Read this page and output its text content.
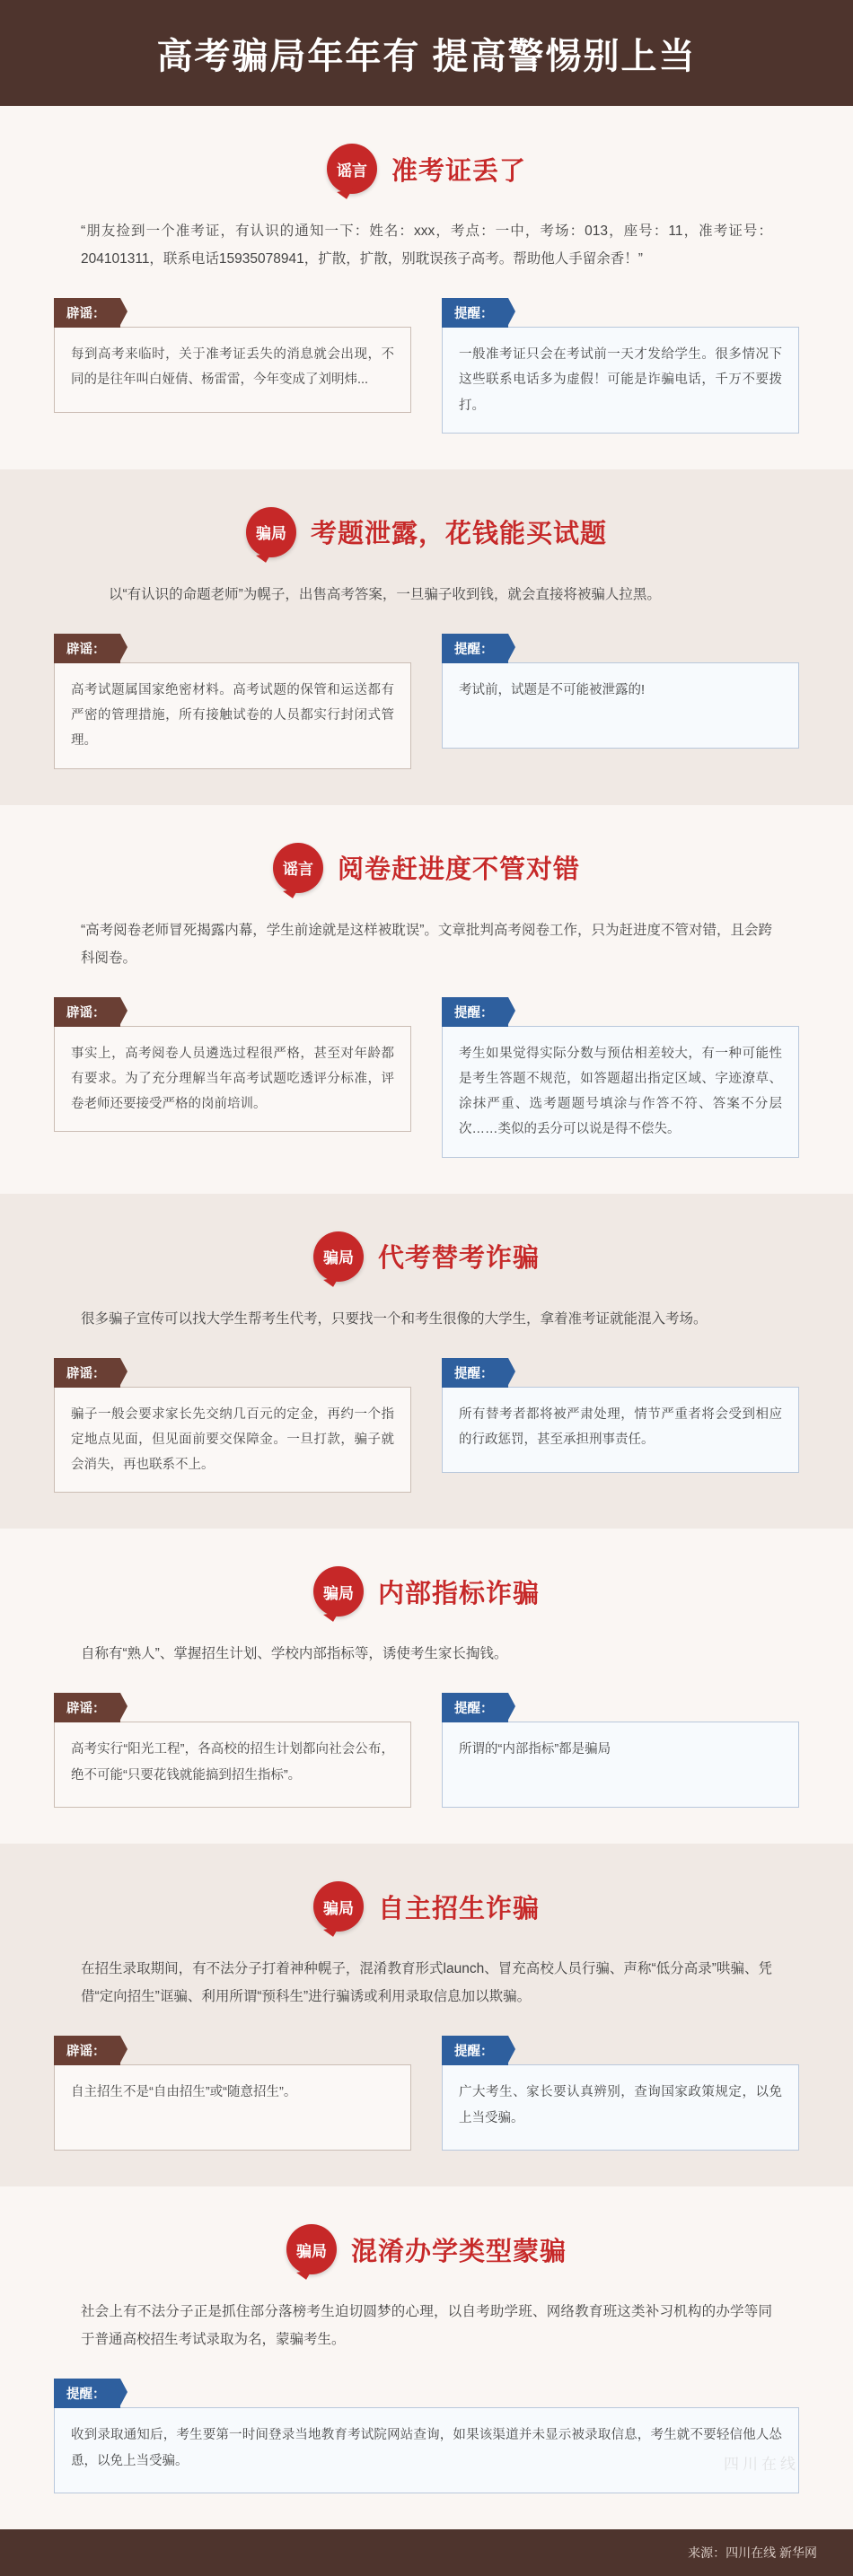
高考骗局年年有 提高警惕别上当
谣言 准考证丢了
“朋友捡到一个准考证，有认识的通知一下：姓名：xxx，考点：一中，考场：013，座号：11，准考证号：204101311，联系电话15935078941，扩散，扩散，别耽误孩子高考。帮助他人手留余香！”
辟谣：
每到高考来临时，关于准考证丢失的消息就会出现，不同的是往年叫白娅倩、杨雷雷，今年变成了刘明炜...
提醒：
一般准考证只会在考试前一天才发给学生。很多情况下这些联系电话多为虚假！可能是诈骗电话，千万不要拨打。
骗局 考题泄露，花钱能买试题
以“有认识的命题老师”为幌子，出售高考答案，一旦骗子收到钱，就会直接将被骗人拉黑。
辟谣：
高考试题属国家绝密材料。高考试题的保管和运送都有严密的管理措施，所有接触试卷的人员都实行封闭式管理。
提醒：
考试前，试题是不可能被泄露的!
谣言 阅卷赶进度不管对错
“高考阅卷老师冒死揭露内幕，学生前途就是这样被耽误”。文章批判高考阅卷工作，只为赶进度不管对错，且会跨科阅卷。
辟谣：
事实上，高考阅卷人员遴选过程很严格，甚至对年龄都有要求。为了充分理解当年高考试题吃透评分标准，评卷老师还要接受严格的岗前培训。
提醒：
考生如果觉得实际分数与预估相差较大，有一种可能性是考生答题不规范，如答题超出指定区域、字迹潦草、涂抹严重、选考题题号填涂与作答不符、答案不分层次……类似的丢分可以说是得不偿失。
骗局 代考替考诈骗
很多骗子宣传可以找大学生帮考生代考，只要找一个和考生很像的大学生，拿着准考证就能混入考场。
辟谣：
骗子一般会要求家长先交纳几百元的定金，再约一个指定地点见面，但见面前要交保障金。一旦打款，骗子就会消失，再也联系不上。
提醒：
所有替考者都将被严肃处理，情节严重者将会受到相应的行政惩罚，甚至承担刑事责任。
骗局 内部指标诈骗
自称有“熟人”、掌握招生计划、学校内部指标等，诱使考生家长掏钱。
辟谣：
高考实行“阳光工程”，各高校的招生计划都向社会公布，绝不可能“只要花钱就能搞到招生指标”。
提醒：
所谓的“内部指标”都是骗局
骗局 自主招生诈骗
在招生录取期间，有不法分子打着神种幌子，混淆教育形式launch、冒充高校人员行骗、声称“低分高录”哄骗、凭借“定向招生”诓骗、利用所谓“预科生”进行骗诱或利用录取信息加以欺骗。
辟谣：
自主招生不是“自由招生”或“随意招生”。
提醒：
广大考生、家长要认真辨别，查询国家政策规定，以免上当受骗。
骗局 混淆办学类型蒙骗
社会上有不法分子正是抓住部分落榜考生迫切圆梦的心理，以自考助学班、网络教育班这类补习机构的办学等同于普通高校招生考试录取为名，蒙骗考生。
提醒：
收到录取通知后，考生要第一时间登录当地教育考试院网站查询，如果该渠道并未显示被录取信息，考生就不要轻信他人怂恿，以免上当受骗。
来源：四川在线 新华网
